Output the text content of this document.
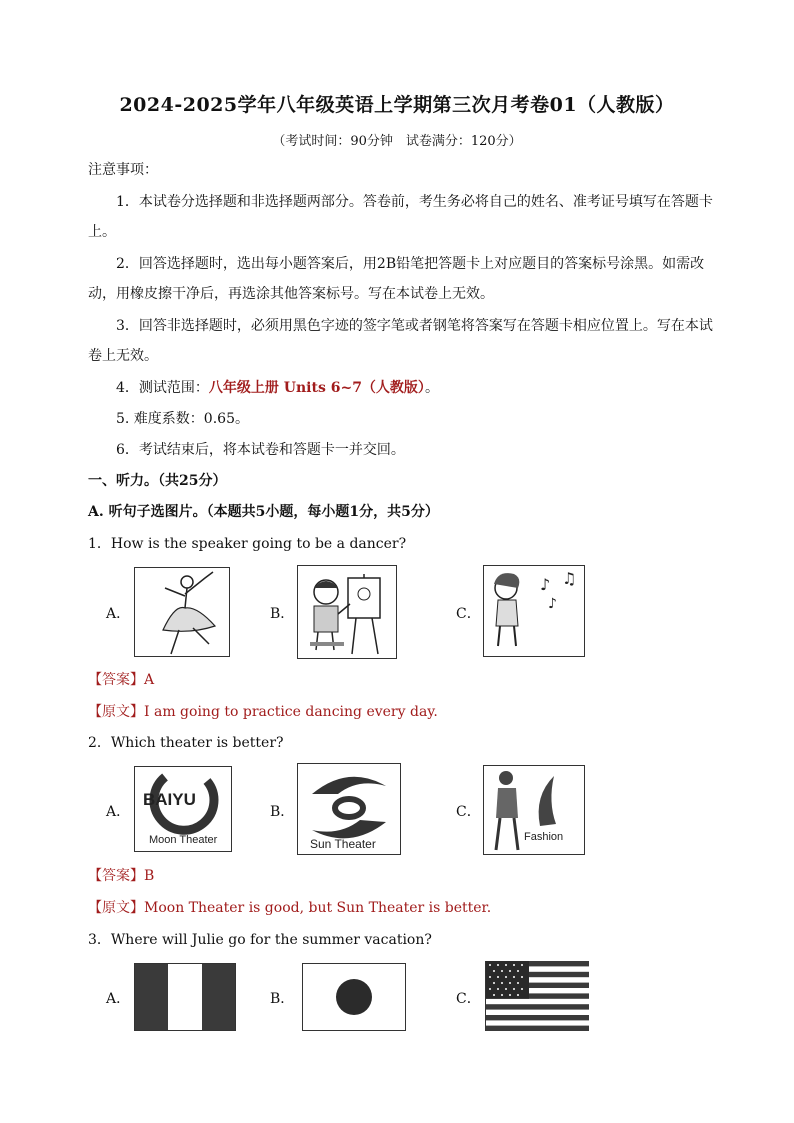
2024-2025学年八年级英语上学期第三次月考卷01（人教版）
（考试时间：90分钟　试卷满分：120分）
注意事项：
1．本试卷分选择题和非选择题两部分。答卷前，考生务必将自己的姓名、准考证号填写在答题卡
上。
2．回答选择题时，选出每小题答案后，用2B铅笔把答题卡上对应题目的答案标号涂黑。如需改
动，用橡皮擦干净后，再选涂其他答案标号。写在本试卷上无效。
3．回答非选择题时，必须用黑色字迹的签字笔或者钢笔将答案写在答题卡相应位置上。写在本试
卷上无效。
4．测试范围：八年级上册 Units 6~7（人教版）。
5. 难度系数：0.65。
6．考试结束后，将本试卷和答题卡一并交回。
一、听力。（共25分）
A. 听句子选图片。（本题共5小题，每小题1分，共5分）
1．How is the speaker going to be a dancer?
A．	B．	C．
♪ ♫
♪
【答案】A
【原文】I am going to practice dancing every day.
2．Which theater is better?
A．
BAIYU
Moon Theater
B．
Sun Theater
C．
Fashion
【答案】B
【原文】Moon Theater is good, but Sun Theater is better.
3．Where will Julie go for the summer vacation?
A．	B．	C．
